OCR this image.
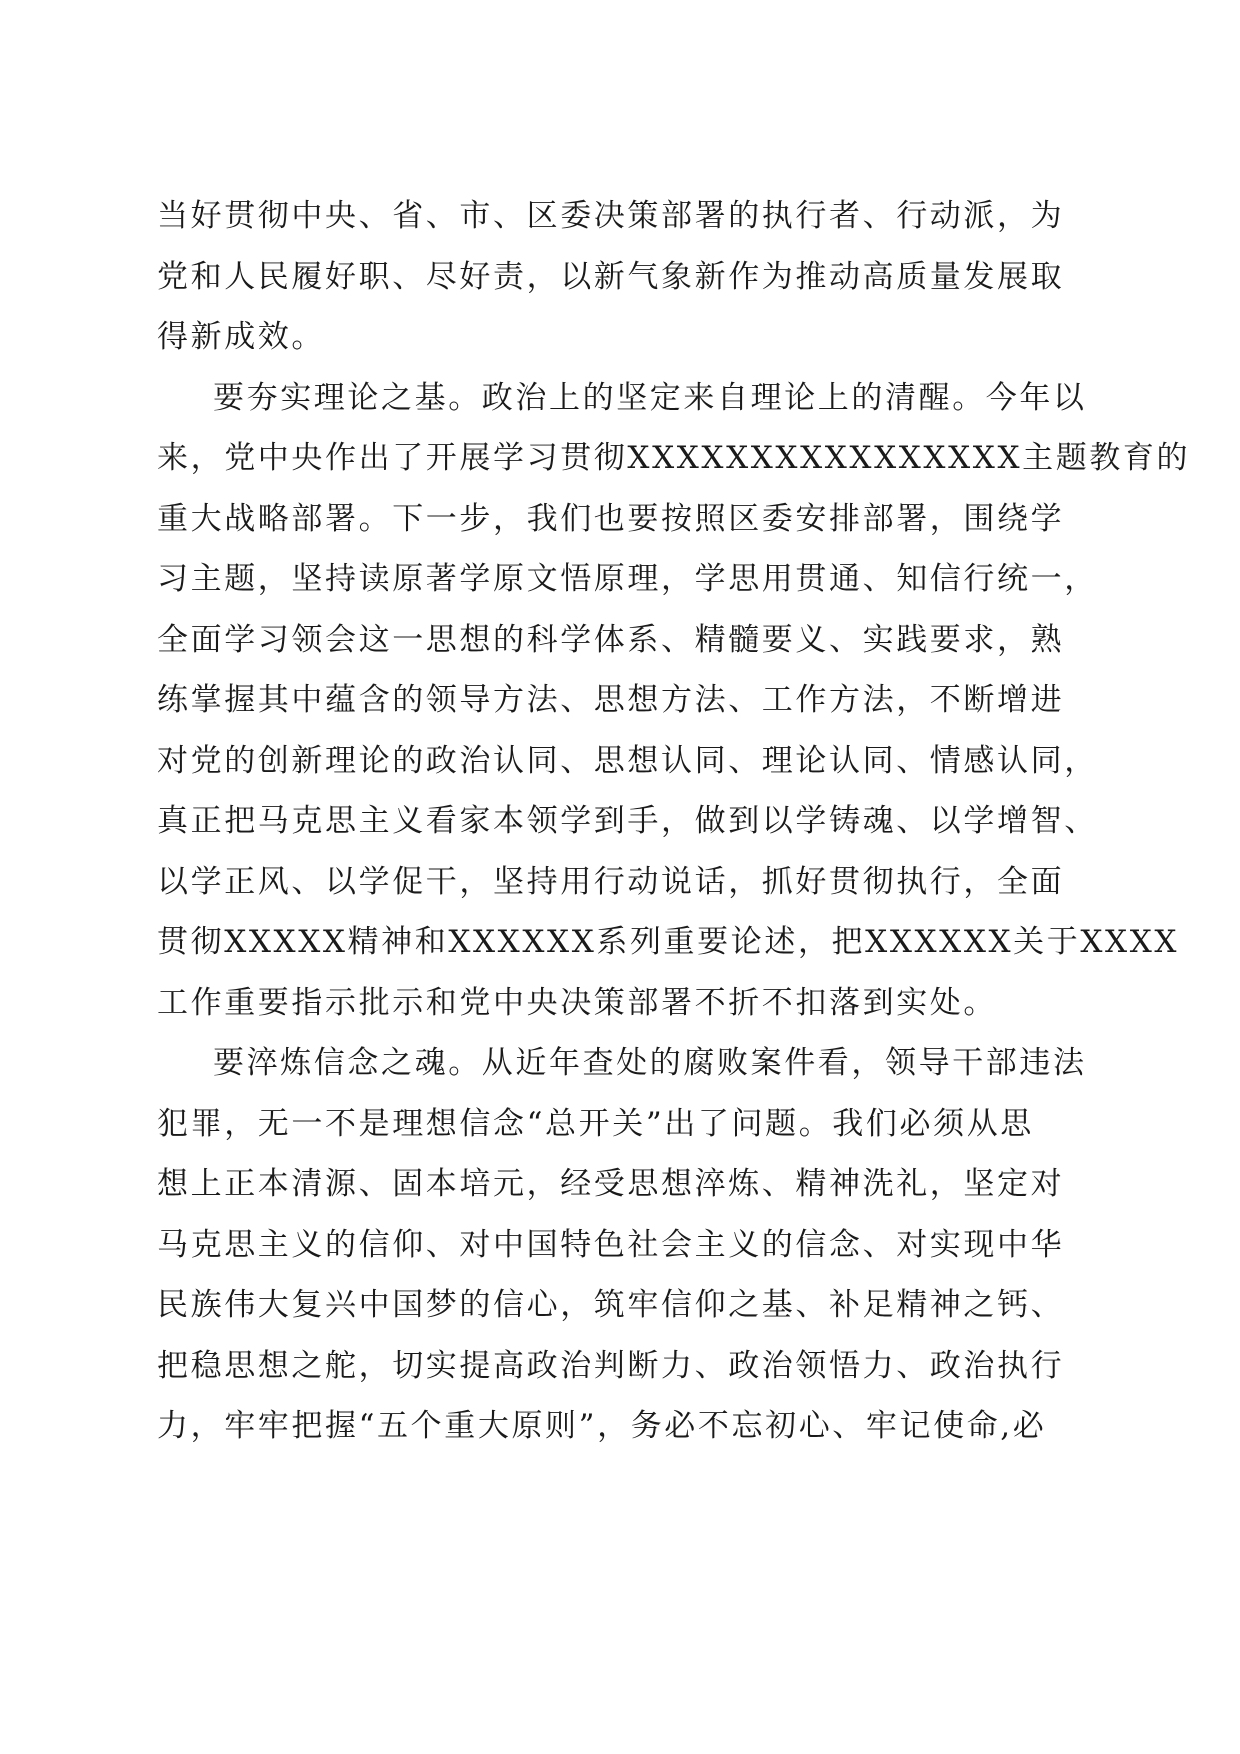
当好贯彻中央、省、市、区委决策部署的执行者、行动派，为
党和人民履好职、尽好责，以新气象新作为推动高质量发展取
得新成效。
要夯实理论之基。政治上的坚定来自理论上的清醒。今年以
来，党中央作出了开展学习贯彻XXXXXXXXXXXXXXXX主题教育的
重大战略部署。下一步，我们也要按照区委安排部署，围绕学
习主题，坚持读原著学原文悟原理，学思用贯通、知信行统一，
全面学习领会这一思想的科学体系、精髓要义、实践要求，熟
练掌握其中蕴含的领导方法、思想方法、工作方法，不断增进
对党的创新理论的政治认同、思想认同、理论认同、情感认同，
真正把马克思主义看家本领学到手，做到以学铸魂、以学增智、
以学正风、以学促干，坚持用行动说话，抓好贯彻执行，全面
贯彻XXXXX精神和XXXXXX系列重要论述，把XXXXXX关于XXXX
工作重要指示批示和党中央决策部署不折不扣落到实处。
要淬炼信念之魂。从近年查处的腐败案件看，领导干部违法
犯罪，无一不是理想信念“总开关”出了问题。我们必须从思
想上正本清源、固本培元，经受思想淬炼、精神洗礼，坚定对
马克思主义的信仰、对中国特色社会主义的信念、对实现中华
民族伟大复兴中国梦的信心，筑牢信仰之基、补足精神之钙、
把稳思想之舵，切实提高政治判断力、政治领悟力、政治执行
力，牢牢把握“五个重大原则”，务必不忘初心、牢记使命,必
